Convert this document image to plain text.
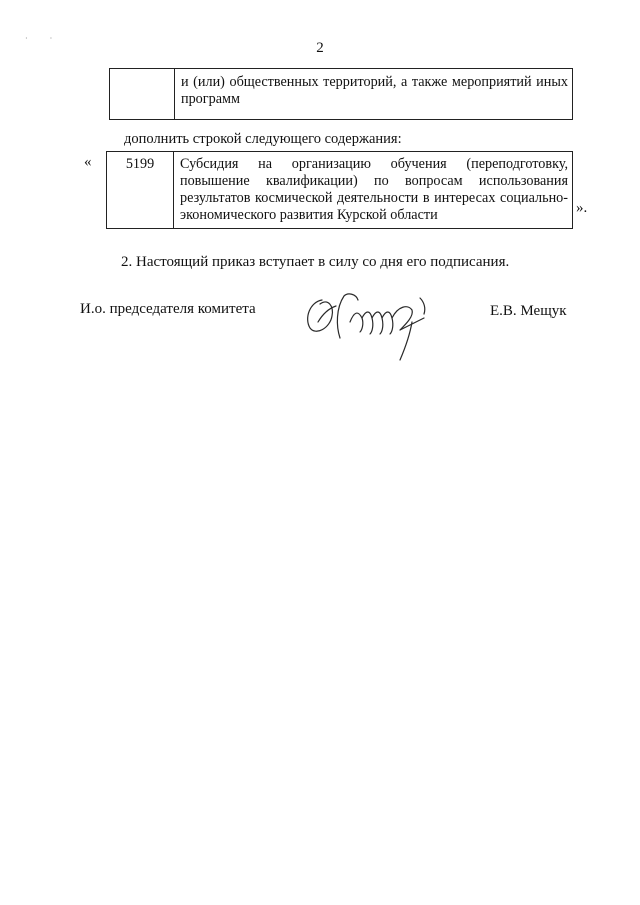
· ·
2
	и (или) общественных территорий, а также мероприятий иных программ
дополнить строкой следующего содержания:
« 5199	Субсидия на организацию обучения (переподготовку, повышение квалификации) по вопросам использования результатов космической деятельности в интересах социально-экономического развития Курской области	».
2. Настоящий приказ вступает в силу со дня его подписания.
И.о. председателя комитета	Е.В. Мещук
